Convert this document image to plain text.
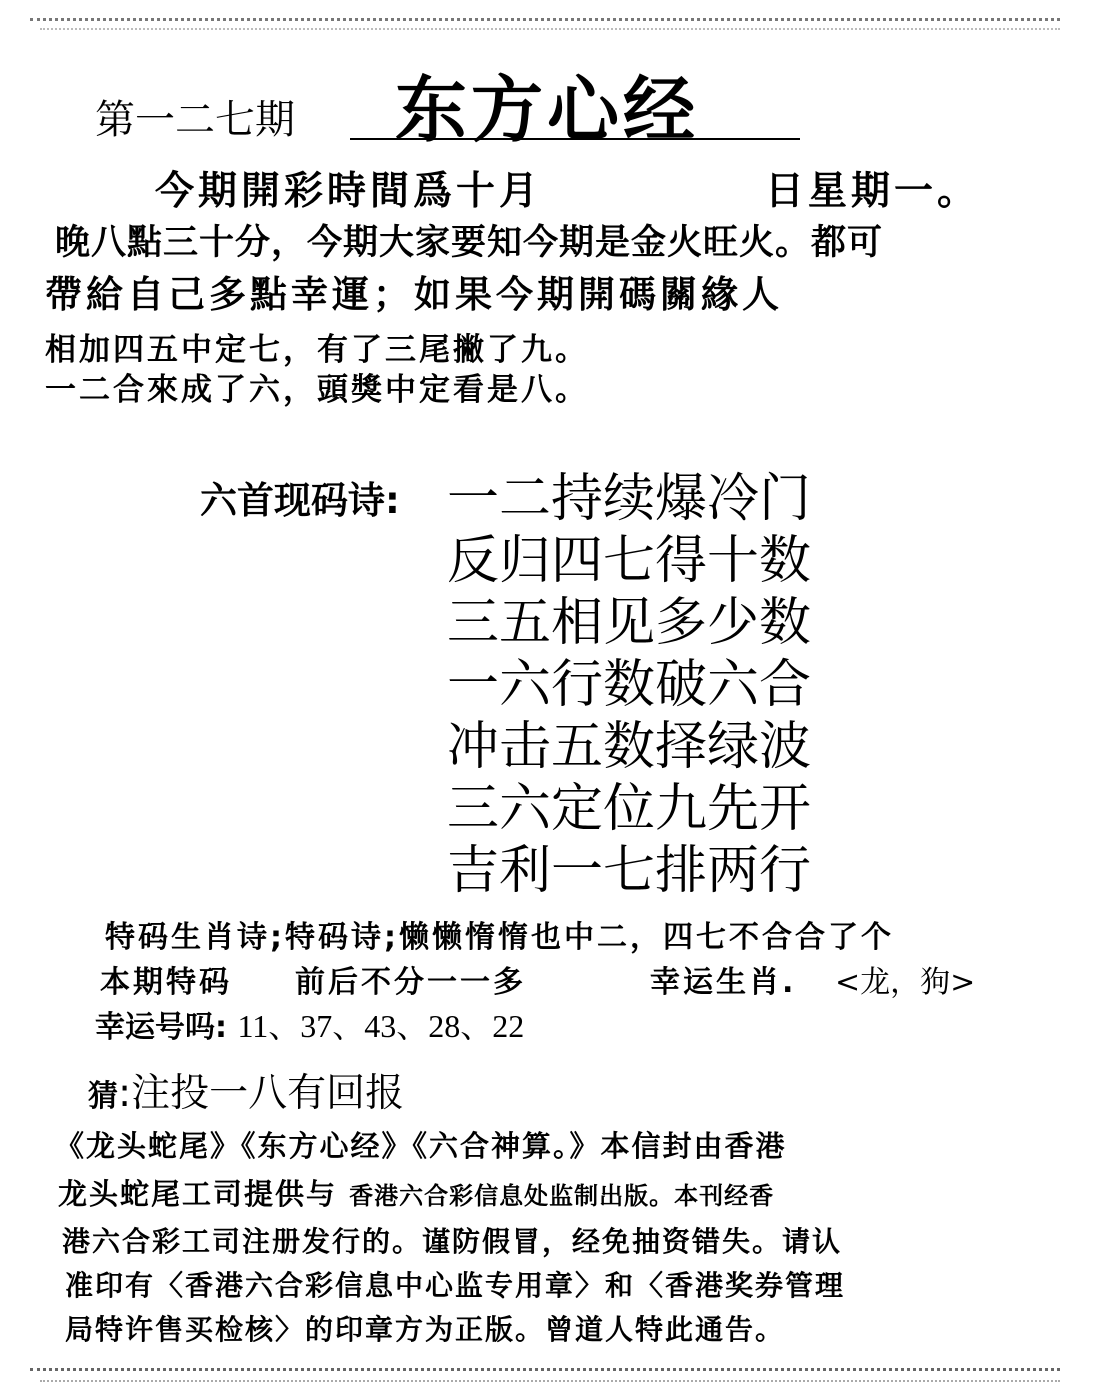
第一二七期 东方心经
今期開彩時間爲十月	日星期一。
晚八點三十分，今期大家要知今期是金火旺火。都可
帶給自己多點幸運；如果今期開碼關緣人
相加四五中定七，有了三尾撇了九。
一二合來成了六，頭獎中定看是八。
六首现码诗: 一二持续爆冷门
反归四七得十数
三五相见多少数
一六行数破六合
冲击五数择绿波
三六定位九先开
吉利一七排两行
特码生肖诗;特码诗;懒懒惰惰也中二，四七不合合了个
本期特码 前后不分一一多	幸运生肖. <龙，狗>
幸运号吗: 11、37、43、28、22
猜:注投一八有回报
《龙头蛇尾》《东方心经》《六合神算。》本信封由香港
龙头蛇尾工司提供与 香港六合彩信息处监制出版。本刊经香
港六合彩工司注册发行的。谨防假冒，经免抽资错失。请认
准印有〈香港六合彩信息中心监专用章〉和〈香港奖券管理
局特许售买检核〉的印章方为正版。曾道人特此通告。
